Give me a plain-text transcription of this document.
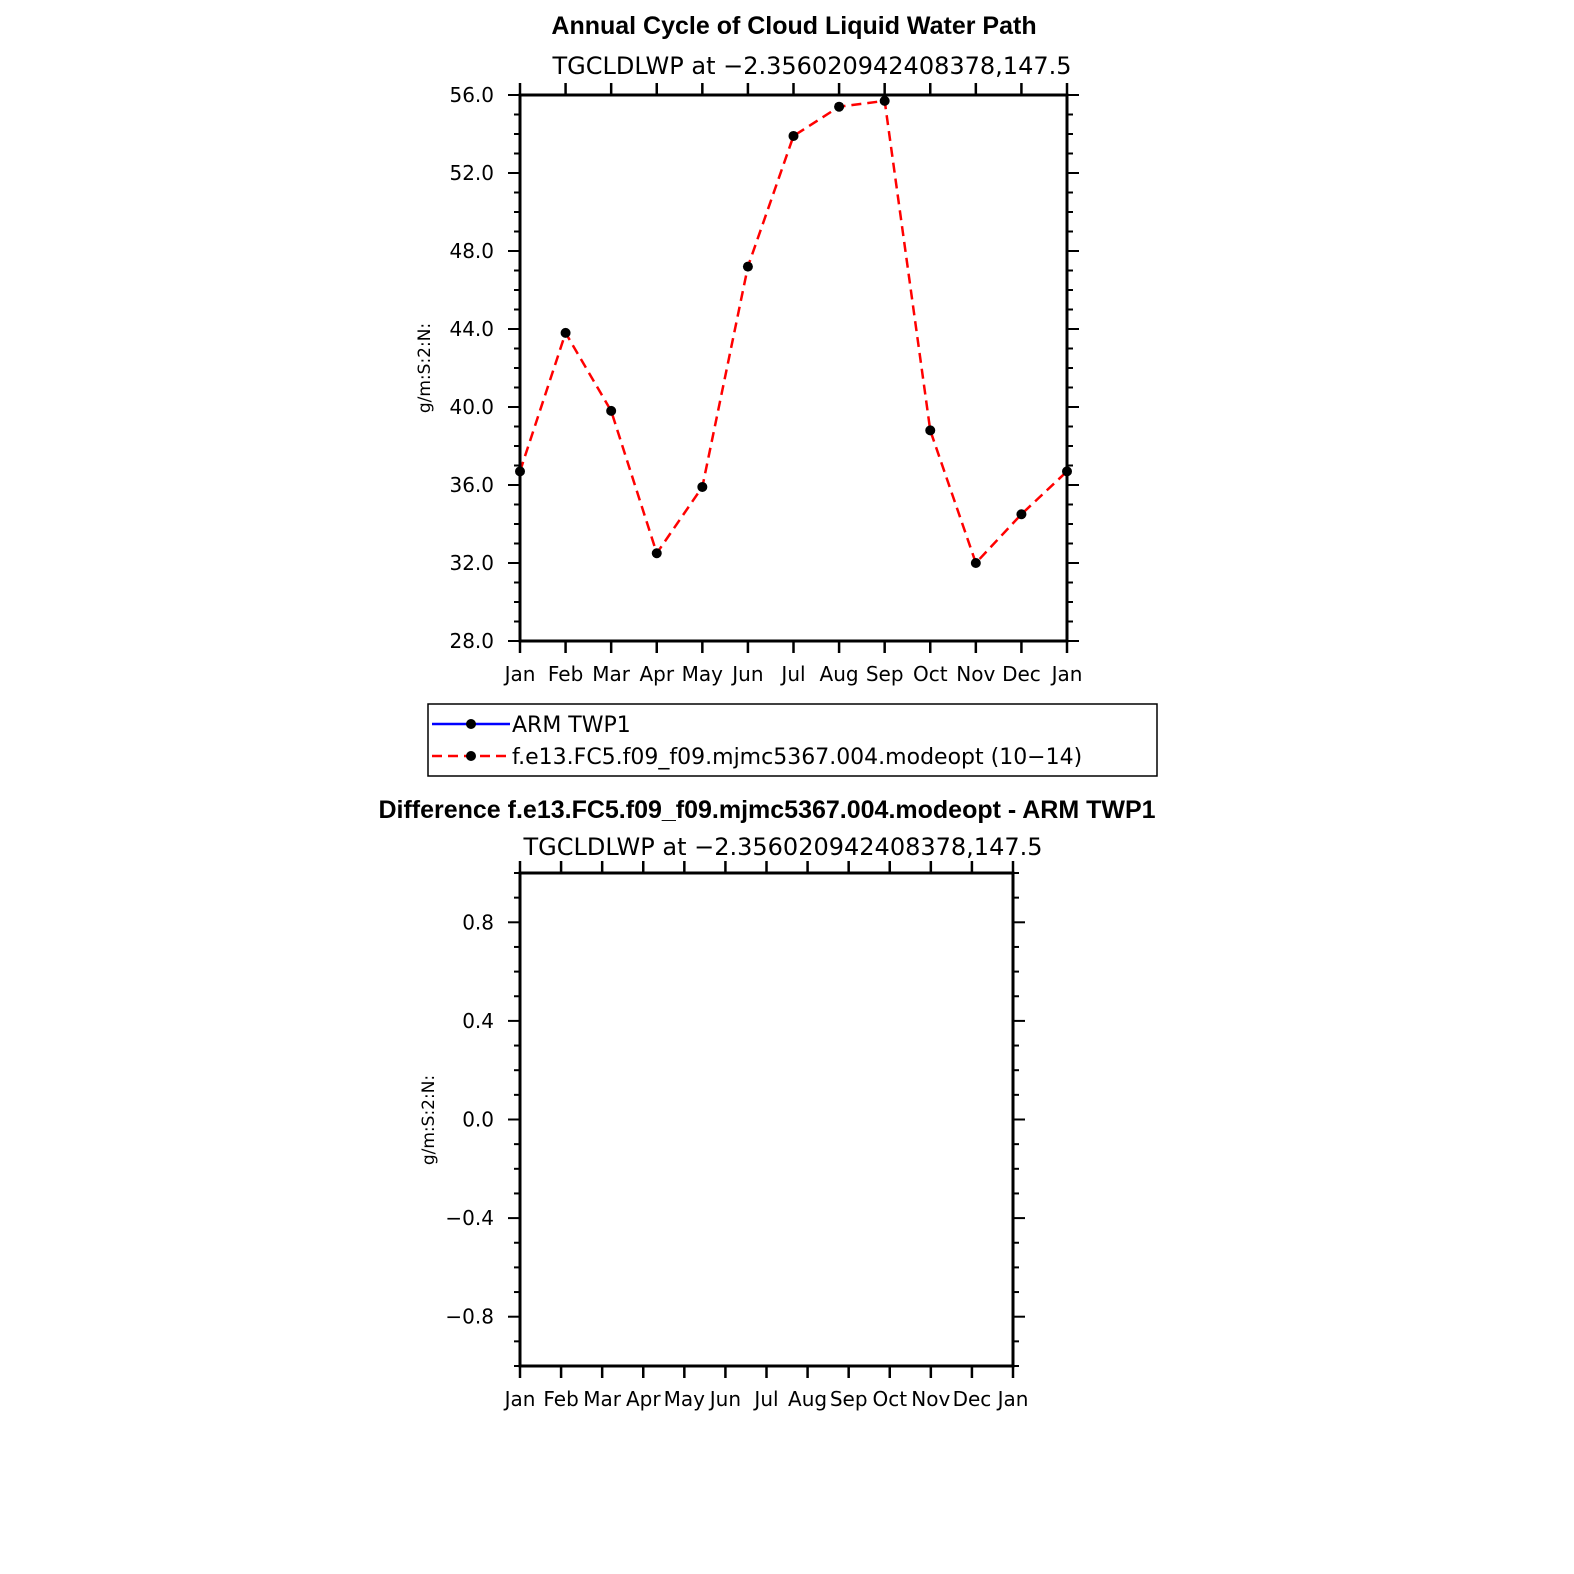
Annual Cycle of Cloud Liquid Water Path
TGCLDLWP at −2.356020942408378,147.5
g/m:S:2:N:
28.0
32.0
36.0
40.0
44.0
48.0
52.0
56.0
Jan Feb Mar Apr May Jun Jul Aug Sep Oct Nov Dec Jan
ARM TWP1
f.e13.FC5.f09_f09.mjmc5367.004.modeopt (10−14)
Difference f.e13.FC5.f09_f09.mjmc5367.004.modeopt - ARM TWP1
TGCLDLWP at −2.356020942408378,147.5
g/m:S:2:N:
−0.8
−0.4
0.0
0.4
0.8
Jan Feb Mar Apr May Jun Jul Aug Sep Oct Nov Dec Jan
